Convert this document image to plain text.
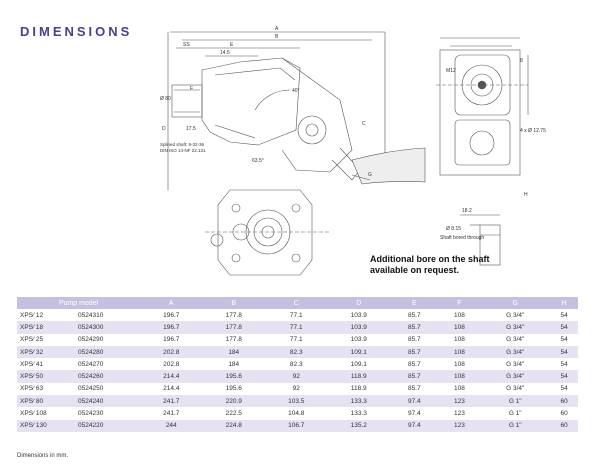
DIMENSIONS	A
B
C
D
E
F
G
H
SS
14.5
40°
63.5°
Ø 80
M12
4 x Ø 12.75
17.5
8
Ø 8.15
18.2
Shaft bored through
Splined shaft: 8-32-36
DIN ISO 14-NF 22.131
Additional bore on the shaft
available on request.
Pump model		A	B	C	D	E	F	G	H
XPS⁄ 12	0524310	196.7	177.8	77.1	103.9	85.7	108	G 3/4"	54
XPS⁄ 18	0524300	196.7	177.8	77.1	103.9	85.7	108	G 3/4"	54
XPS⁄ 25	0524290	196.7	177.8	77.1	103.9	85.7	108	G 3/4"	54
XPS⁄ 32	0524280	202.8	184	82.3	109.1	85.7	108	G 3/4"	54
XPS⁄ 41	0524270	202.8	184	82.3	109.1	85.7	108	G 3/4"	54
XPS⁄ 50	0524260	214.4	195.6	92	118.9	85.7	108	G 3/4"	54
XPS⁄ 63	0524250	214.4	195.6	92	118.9	85.7	108	G 3/4"	54
XPS⁄ 80	0524240	241.7	220.9	103.5	133.3	97.4	123	G 1"	60
XPS⁄ 108	0524230	241.7	222.5	104.8	133.3	97.4	123	G 1"	60
XPS⁄ 130	0524220	244	224.8	106.7	135.2	97.4	123	G 1"	60
Dimensions in mm.
